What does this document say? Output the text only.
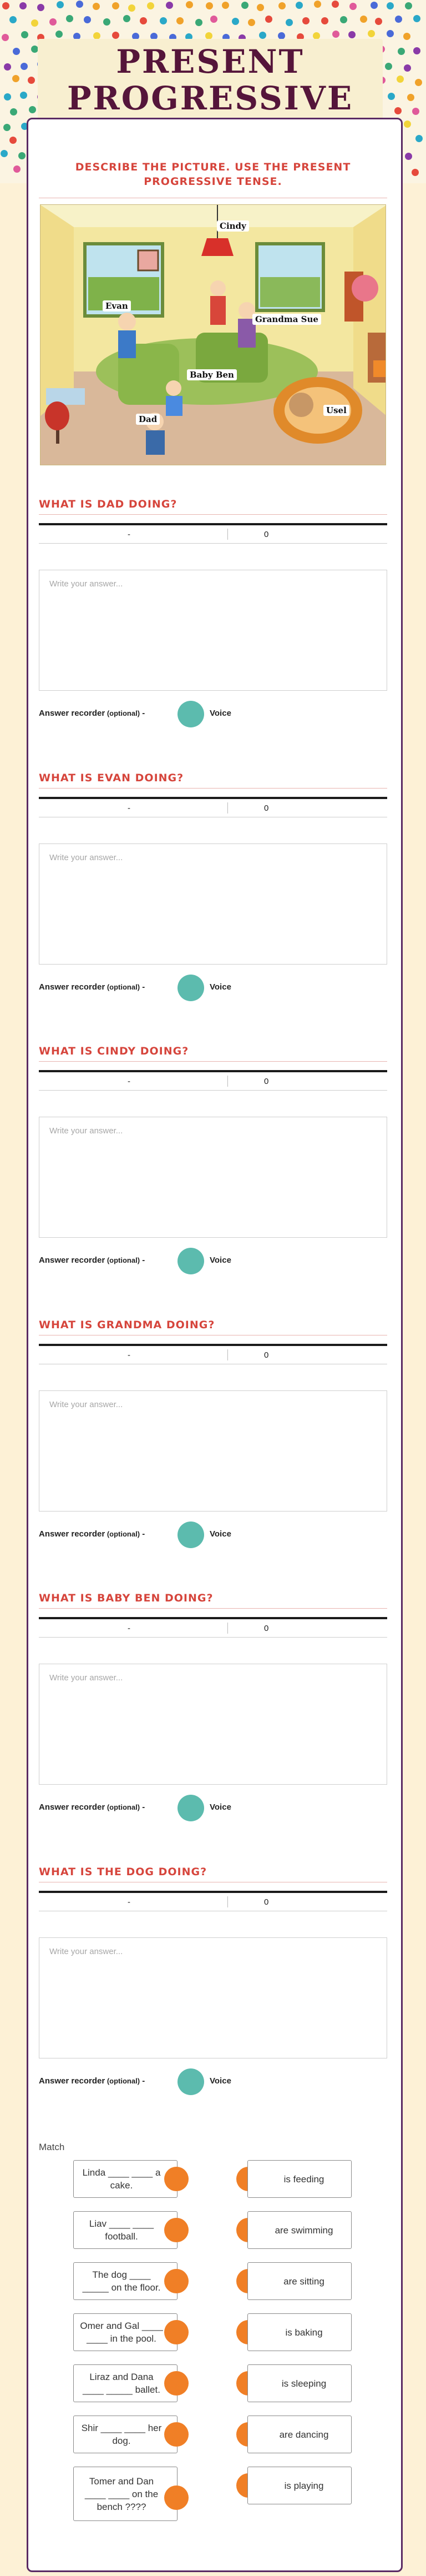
PRESENT PROGRESSIVE
DESCRIBE THE PICTURE. USE THE PRESENT PROGRESSIVE TENSE.
Cindy
Evan
Grandma Sue
Baby Ben
Dad
Usel
WHAT IS DAD DOING?
-	0
Write your answer...
Answer recorder (optional) -	Voice
WHAT IS EVAN DOING?
-	0
Write your answer...
Answer recorder (optional) -	Voice
WHAT IS CINDY DOING?
-	0
Write your answer...
Answer recorder (optional) -	Voice
WHAT IS GRANDMA DOING?
-	0
Write your answer...
Answer recorder (optional) -	Voice
WHAT IS BABY BEN DOING?
-	0
Write your answer...
Answer recorder (optional) -	Voice
WHAT IS THE DOG DOING?
-	0
Write your answer...
Answer recorder (optional) -	Voice
Match
Linda ____ ____ a cake.
is feeding
Liav ____ ____ football.
are swimming
The dog ____ _____ on the floor.
are sitting
Omer and Gal ____ ____ in the pool.
is baking
Liraz and Dana ____ _____ ballet.
is sleeping
Shir ____ ____ her dog.
are dancing
Tomer and Dan ____ ____ on the bench ????
is playing
